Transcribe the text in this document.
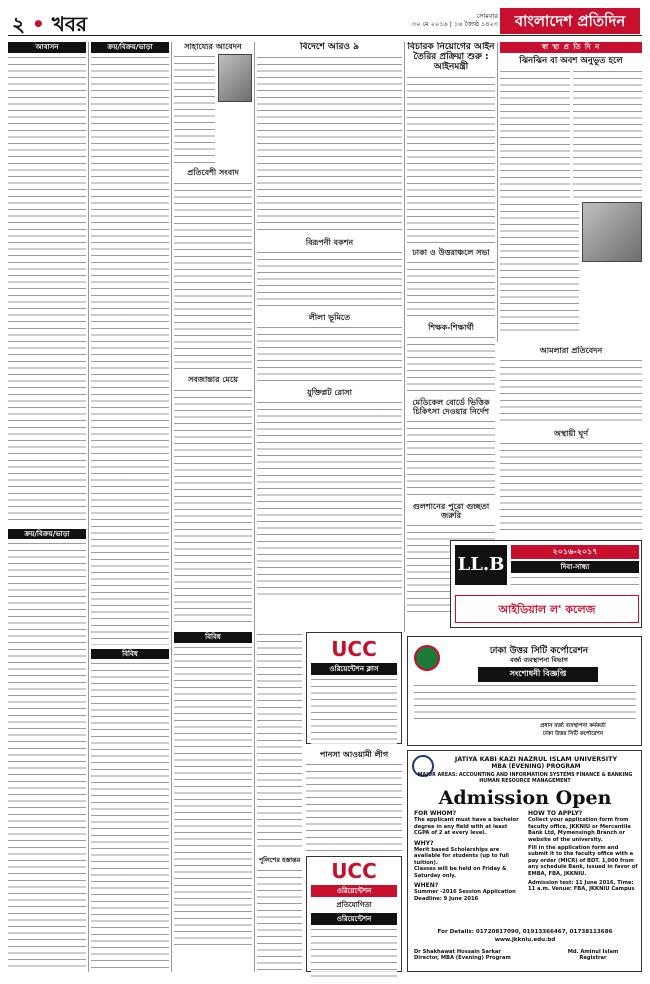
২ • খবর	সোমবার
৩০ মে ২০১৬ | ১৬ জ্যৈষ্ঠ ১৪২৩	বাংলাদেশ প্রতিদিন
আবাসন
ক্রয়/বিক্রয়/ভাড়া
ক্রয়/বিক্রয়/ভাড়া
বিবিধ
সাহায্যের আবেদন
প্রতিবেশী সংবাদ
সবজান্তার মেয়ে
বিবিধ
বিদেশে আরও ৯
বিরূপনী বকশন
লীলা ভূমিতে
যুক্তিপ্লট রোসা
UCC
ওরিয়েন্টেশন ক্লাস
পানসা আওয়ামী লীগ
UCC
ওরিয়েন্টেশন
প্রতিযোগিতা
ওরিয়েন্টেশন
পুলিশের হস্তান্তর
বিচারক নিয়োগের আইন তৈরির প্রক্রিয়া শুরু : আইনমন্ত্রী
ঢাকা ও উত্তরাঞ্চলে সভা
শিক্ষক-শিক্ষার্থী
মেডিকেল বোর্ডে ভিত্তিক চিকিৎসা দেওয়ার নির্দেশ
গুলশানের পুরো গুচ্ছতা জরুরি
স্বা স্থ্য প্র তি দি ন
ঝিনঝিন বা অবশ অনুভূত হলে
আমলারা প্রতিবেদন
অস্থায়ী ঘূর্ণ
LL.B
২০১৬-২০১৭
দিবা-সান্ধ্য
আইডিয়াল ল' কলেজ
ঢাকা উত্তর সিটি কর্পোরেশন
বর্জ্য ব্যবস্থাপনা বিভাগ
সংশোধনী বিজ্ঞপ্তি
প্রধান বর্জ্য ব্যবস্থাপনা কর্মকর্তা
ঢাকা উত্তর সিটি কর্পোরেশন
JATIYA KABI KAZI NAZRUL ISLAM UNIVERSITY
MBA (EVENING) PROGRAM
MAJOR AREAS: ACCOUNTING AND INFORMATION SYSTEMS FINANCE & BANKING HUMAN RESOURCE MANAGEMENT
Admission Open
FOR WHOM?
The applicant must have a bachelor degree in any field with at least CGPA of 2 at every level.
WHY?
Merit based Scholarships are available for students (up to full tuition).
Classes will be held on Friday & Saturday only.
WHEN?
Summer -2016 Session Application Deadline: 9 June 2016
HOW TO APPLY?
Collect your application form from faculty office, JKKNIU or Mercantile Bank Ltd, Mymensingh Branch or website of the university.
Fill in the application form and submit it to the faculty office with a pay order (MICR) of BDT. 1,000 from any schedule Bank, issued in favor of EMBA, FBA, JKKNIU.
Admission test: 11 June 2016. Time: 11 a.m. Venue: FBA, JKKNIU Campus
For Details: 01720817090, 01913366467, 01738113686
www.jkkniu.edu.bd
Dr Shakhawat Hossain Sarkar
Director, MBA (Evening) Program
Md. Aminul Islam
Registrar
